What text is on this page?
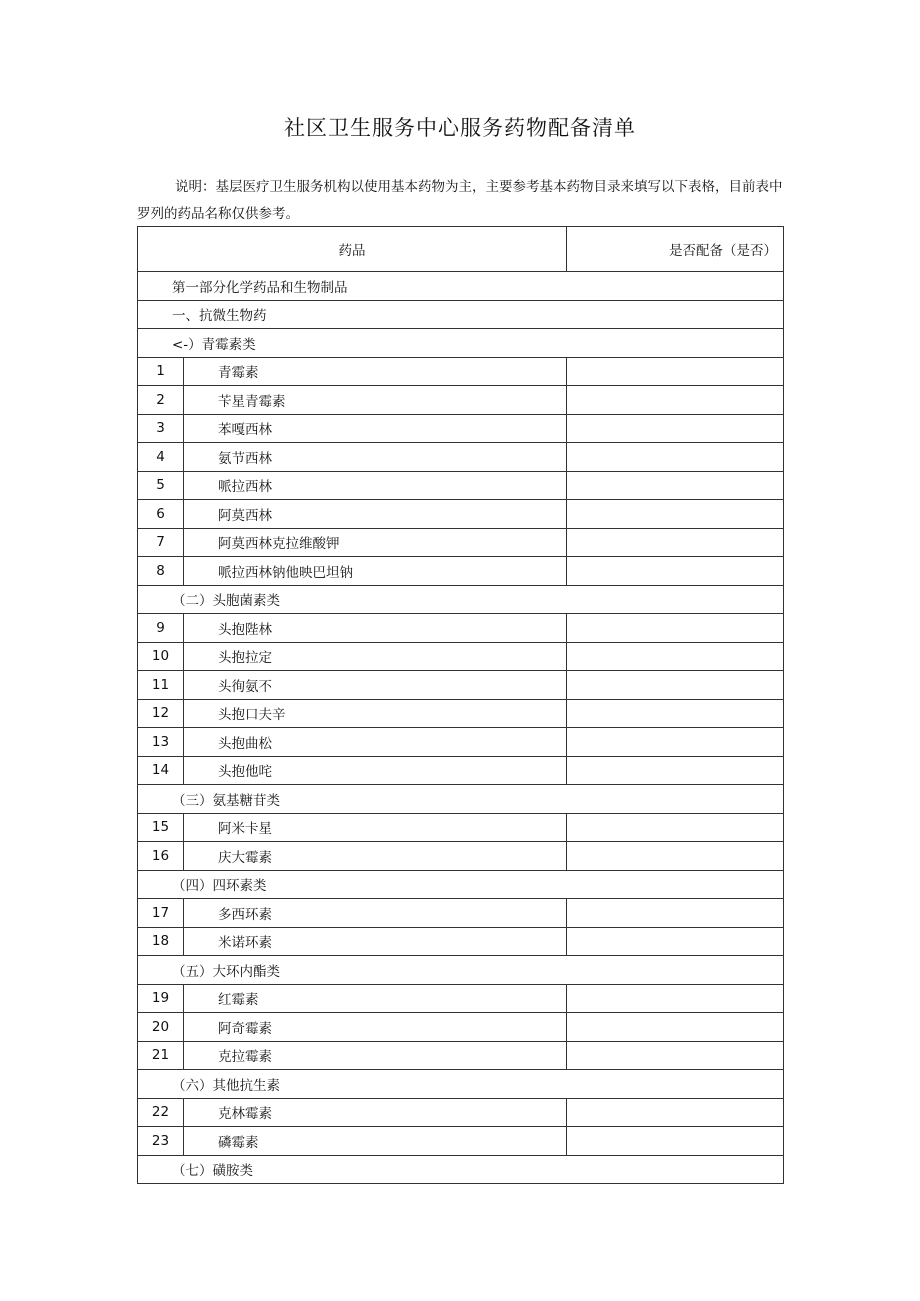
社区卫生服务中心服务药物配备清单
说明：基层医疗卫生服务机构以使用基本药物为主，主要参考基本药物目录来填写以下表格，目前表中罗列的药品名称仅供参考。
药品		是否配备（是否）
第一部分化学药品和生物制品		
一、抗微生物药		
<-）青霉素类		
1	青霉素	
2	苄星青霉素	
3	苯嘎西林	
4	氨节西林	
5	哌拉西林	
6	阿莫西林	
7	阿莫西林克拉维酸钾	
8	哌拉西林钠他映巴坦钠	
（二）头胞菌素类		
9	头抱陛林	
10	头抱拉定	
11	头徇氨不	
12	头抱口夫辛	
13	头抱曲松	
14	头抱他咤	
（三）氨基糖苷类		
15	阿米卡星	
16	庆大霉素	
（四）四环素类		
17	多西环素	
18	米诺环素	
（五）大环内酯类		
19	红霉素	
20	阿奇霉素	
21	克拉霉素	
（六）其他抗生素		
22	克林霉素	
23	磷霉素	
（七）磺胺类		
